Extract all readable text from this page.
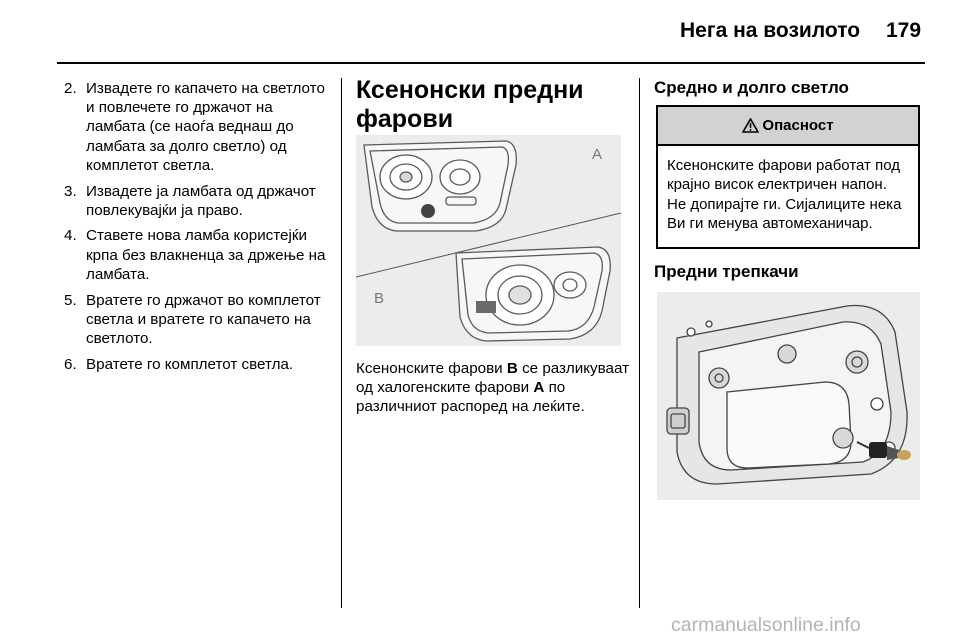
Нега на возилото 179
2. Извадете го капачето на светлото и повлечете го држачот на ламбата (се наоѓа веднаш до ламбата за долго светло) од комплетот светла.
3. Извадете ја ламбата од држачот повлекувајќи ја право.
4. Ставете нова ламба користејќи крпа без влакненца за држење на ламбата.
5. Вратете го држачот во комплетот светла и вратете го капачето на светлото.
6. Вратете го комплетот светла.
Ксенонски предни фарови
A
B
Ксенонските фарови B се разликуваат од халогенските фарови A по различниот распоред на леќите.
Средно и долго светло
Опасност
Ксенонските фарови работат под крајно висок електричен напон. Не допирајте ги. Сијалиците нека Ви ги менува автомеханичар.
Предни трепкачи
carmanualsonline.info
